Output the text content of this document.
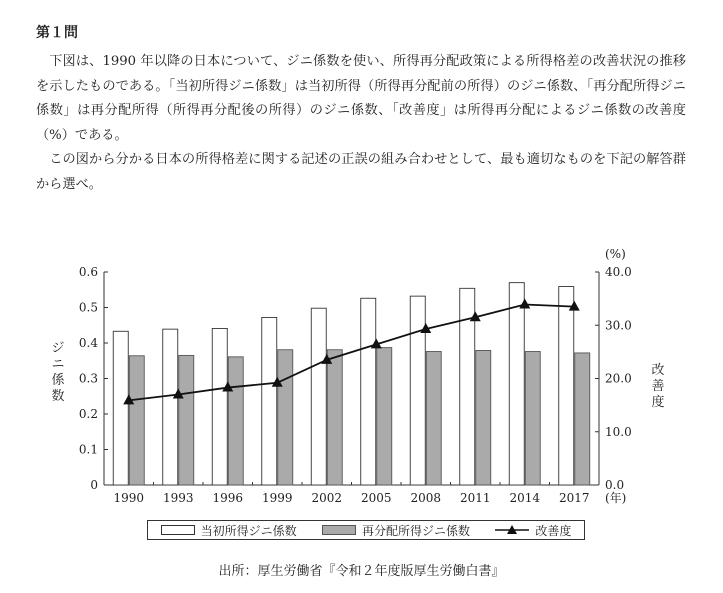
第１問

下図は、1990 年以降の日本について、ジニ係数を使い、所得再分配政策による所得格差の改善状況の推移を示したものである。「当初所得ジニ係数」は当初所得（所得再分配前の所得）のジニ係数、「再分配所得ジニ係数」は再分配所得（所得再分配後の所得）のジニ係数、「改善度」は所得再分配によるジニ係数の改善度（%）である。

この図から分かる日本の所得格差に関する記述の正誤の組み合わせとして、最も適切なものを下記の解答群から選べ。

0
0.1
0.2
0.3
0.4
0.5
0.6
0.0
10.0
20.0
30.0
40.0
1990 1993 1996 1999 2002 2005 2008 2011 2014 2017
(%)
(年)
ジ
ニ
係
数
改
善
度
当初所得ジニ係数	再分配所得ジニ係数	改善度
出所：厚生労働省『令和２年度版厚生労働白書』
